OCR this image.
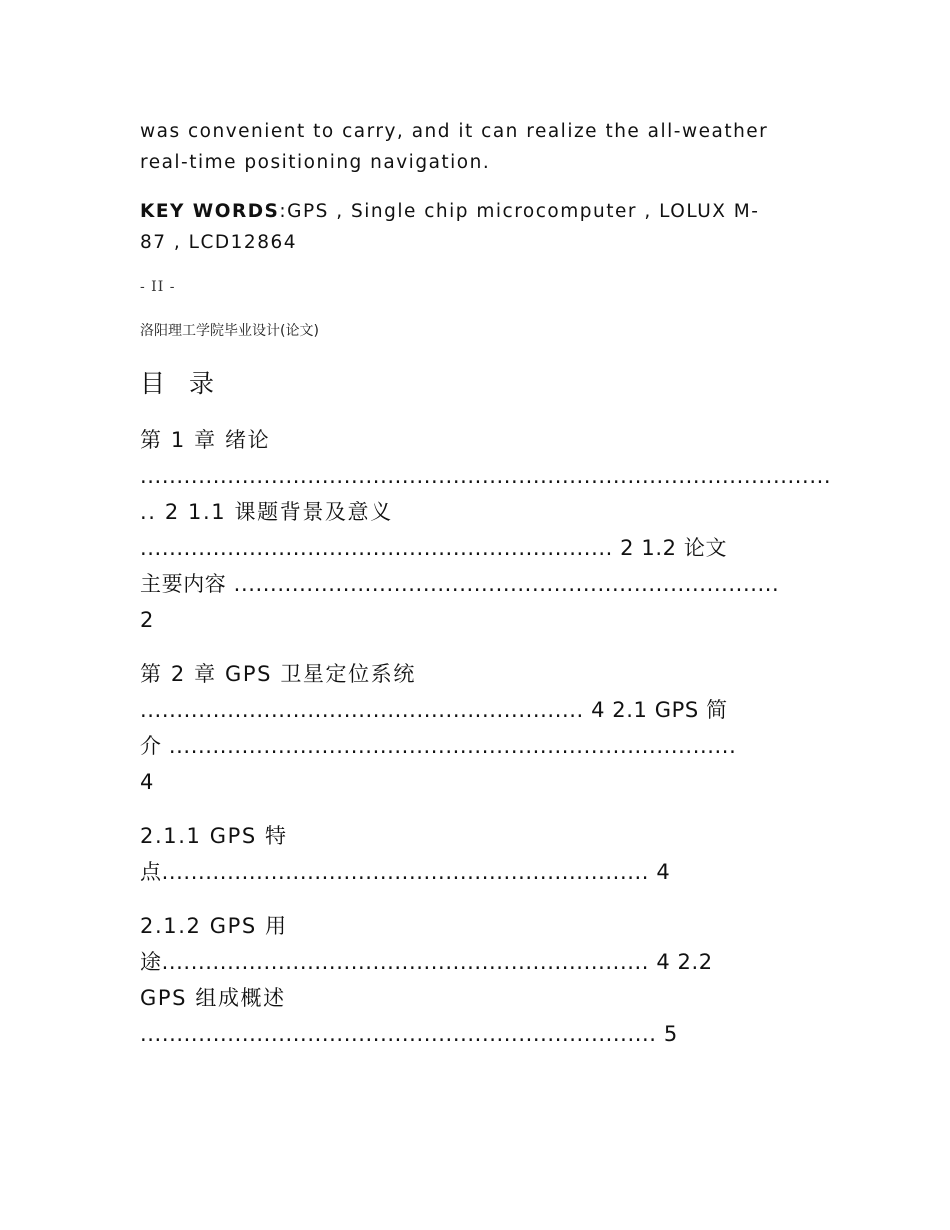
was convenient to carry, and it can realize the all-weather

real-time positioning navigation.

KEY WORDS:GPS , Single chip microcomputer , LOLUX M-

87 , LCD12864

- II -
洛阳理工学院毕业设计(论文)
目 录
第 1 章 绪论
...............................................................................................
.. 2 1.1 课题背景及意义
................................................................. 2 1.2 论文
主要内容 ...........................................................................
2
第 2 章 GPS 卫星定位系统
............................................................. 4 2.1 GPS 简
介 ..............................................................................
4
2.1.1 GPS 特
点................................................................... 4
2.1.2 GPS 用
途................................................................... 4 2.2
GPS 组成概述
....................................................................... 5
